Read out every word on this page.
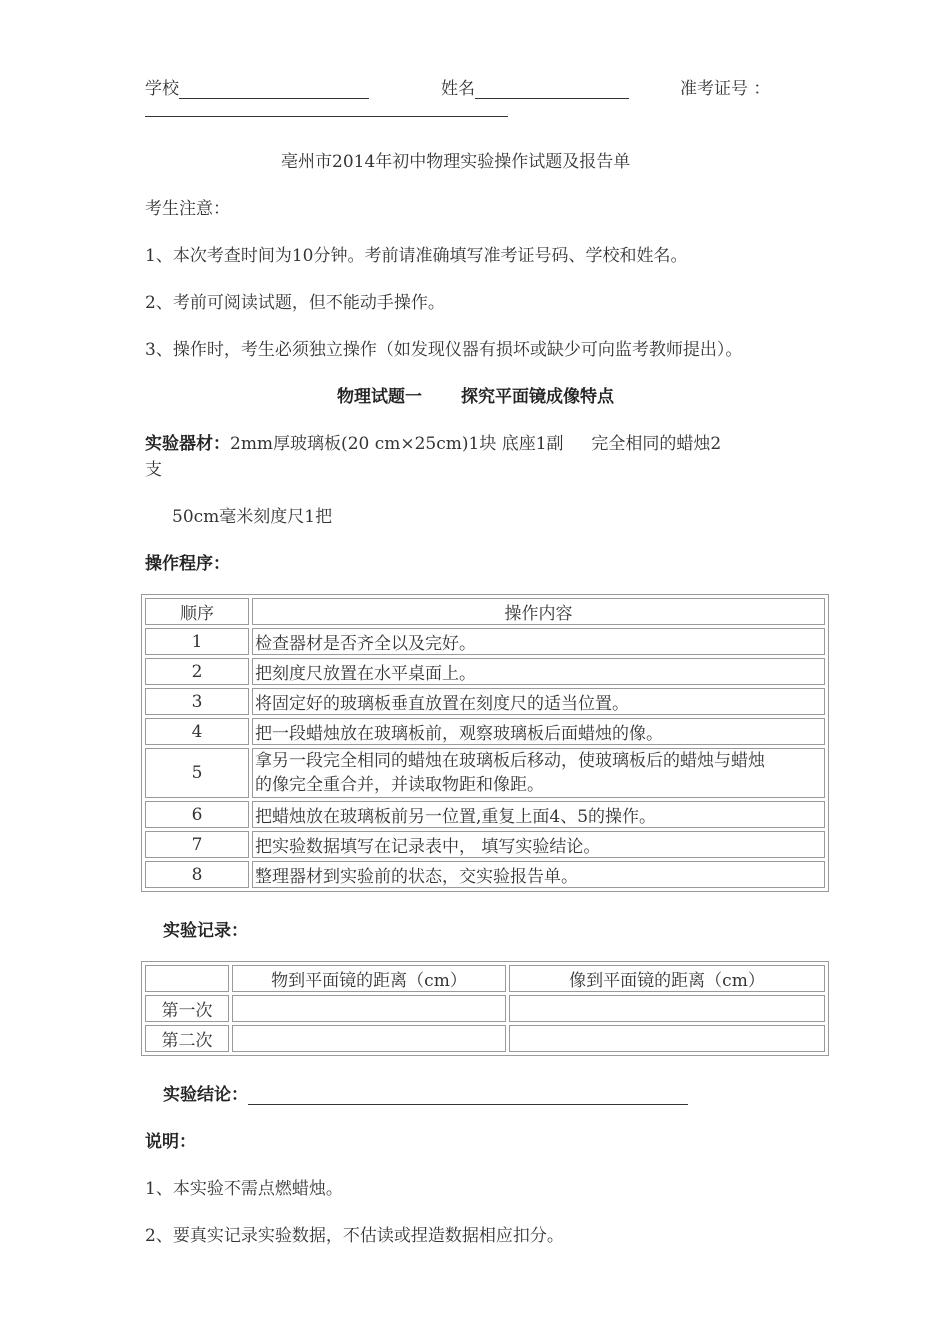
学校	姓名	准考证号 ：
亳州市2014年初中物理实验操作试题及报告单
考生注意：
1、本次考查时间为10分钟。考前请准确填写准考证号码、学校和姓名。
2、考前可阅读试题，但不能动手操作。
3、操作时，考生必须独立操作（如发现仪器有损坏或缺少可向监考教师提出）。
物理试题一 探究平面镜成像特点
实验器材：2mm厚玻璃板(20 cm×25cm)1块 底座1副 　 完全相同的蜡烛2
支
50cm毫米刻度尺1把
操作程序：
顺序	操作内容
1	检查器材是否齐全以及完好。
2	把刻度尺放置在水平桌面上。
3	将固定好的玻璃板垂直放置在刻度尺的适当位置。
4	把一段蜡烛放在玻璃板前，观察玻璃板后面蜡烛的像。
5	拿另一段完全相同的蜡烛在玻璃板后移动，使玻璃板后的蜡烛与蜡烛
的像完全重合并，并读取物距和像距。

6	把蜡烛放在玻璃板前另一位置,重复上面4、5的操作。
7	把实验数据填写在记录表中， 填写实验结论。
8	整理器材到实验前的状态，交实验报告单。
实验记录：
	物到平面镜的距离（cm）	像到平面镜的距离（cm）
第一次		
第二次		
实验结论：
说明：
1、本实验不需点燃蜡烛。
2、要真实记录实验数据，不估读或捏造数据相应扣分。
